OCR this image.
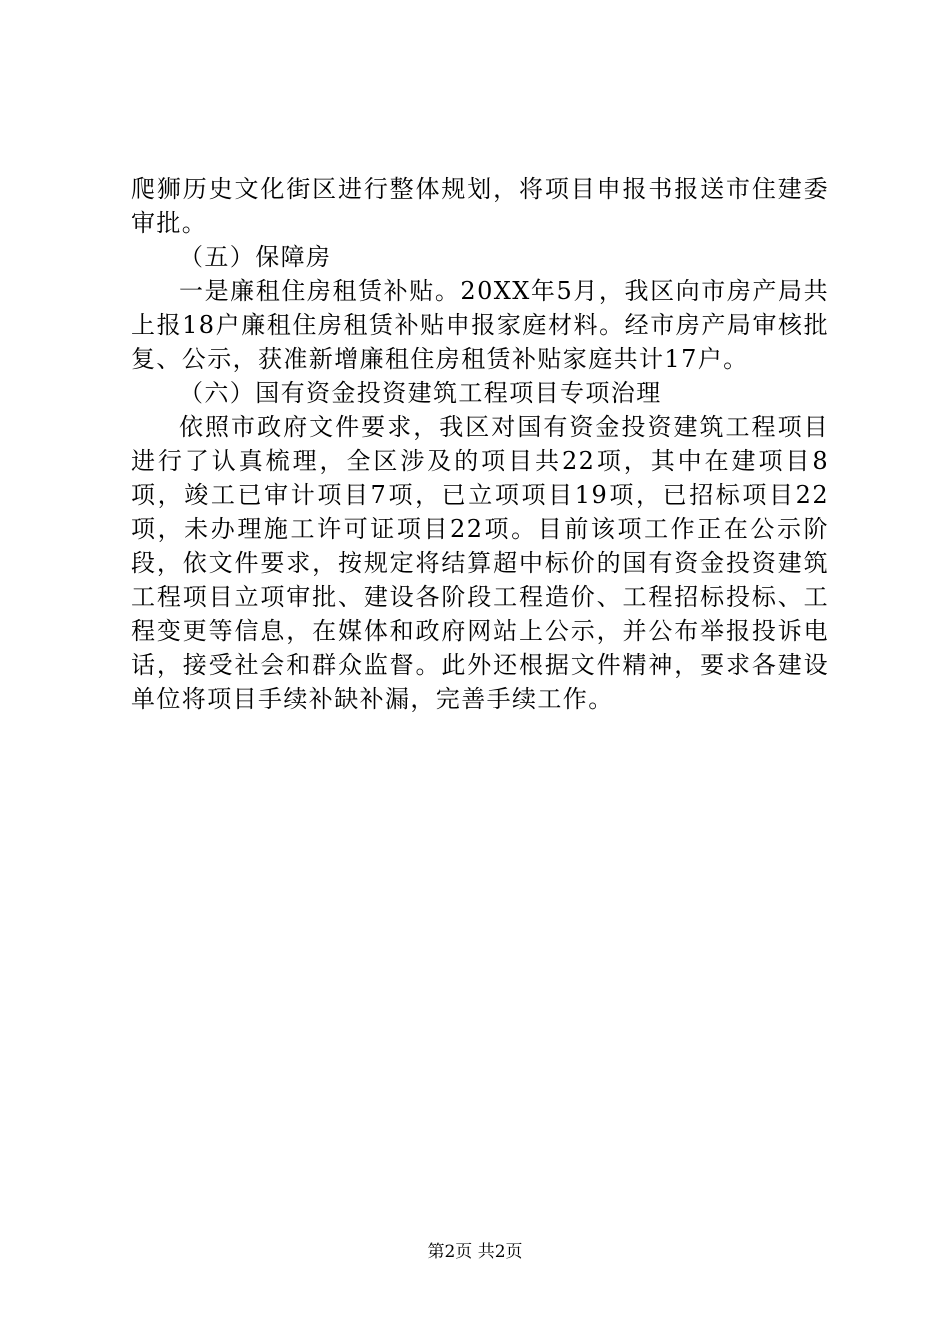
爬狮历史文化街区进行整体规划，将项目申报书报送市住建委审批。

（五）保障房

一是廉租住房租赁补贴。20XX年5月，我区向市房产局共上报18户廉租住房租赁补贴申报家庭材料。经市房产局审核批复、公示，获准新增廉租住房租赁补贴家庭共计17户。

（六）国有资金投资建筑工程项目专项治理

依照市政府文件要求，我区对国有资金投资建筑工程项目进行了认真梳理，全区涉及的项目共22项，其中在建项目8项，竣工已审计项目7项，已立项项目19项，已招标项目22项，未办理施工许可证项目22项。目前该项工作正在公示阶段，依文件要求，按规定将结算超中标价的国有资金投资建筑工程项目立项审批、建设各阶段工程造价、工程招标投标、工程变更等信息，在媒体和政府网站上公示，并公布举报投诉电话，接受社会和群众监督。此外还根据文件精神，要求各建设单位将项目手续补缺补漏，完善手续工作。

第2页 共2页
